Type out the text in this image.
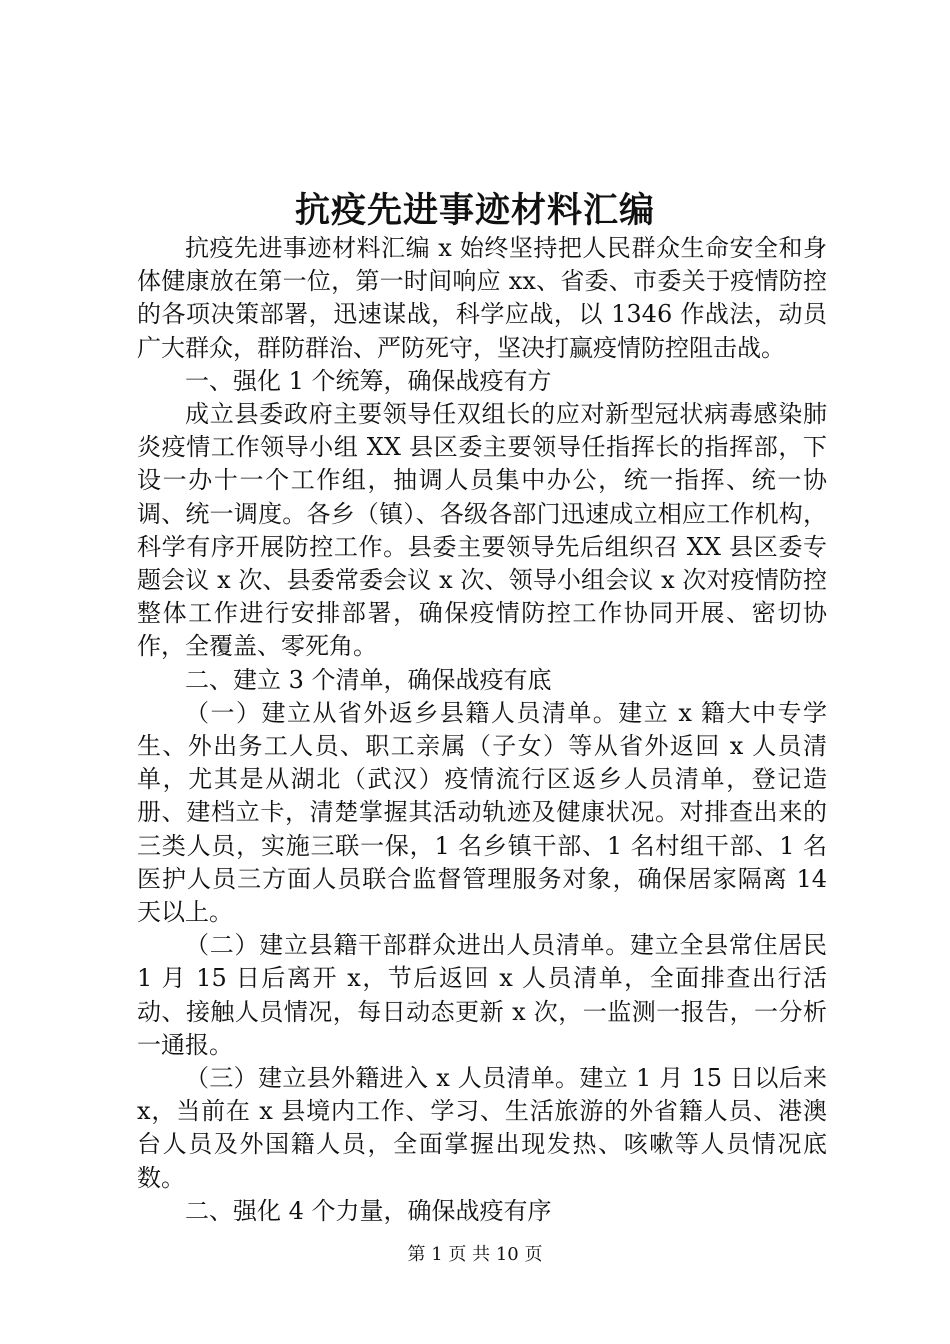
抗疫先进事迹材料汇编

抗疫先进事迹材料汇编 x 始终坚持把人民群众生命安全和身体健康放在第一位，第一时间响应 xx、省委、市委关于疫情防控的各项决策部署，迅速谋战，科学应战，以 1346 作战法，动员广大群众，群防群治、严防死守，坚决打赢疫情防控阻击战。

一、强化 1 个统筹，确保战疫有方

成立县委政府主要领导任双组长的应对新型冠状病毒感染肺炎疫情工作领导小组 XX 县区委主要领导任指挥长的指挥部，下设一办十一个工作组，抽调人员集中办公，统一指挥、统一协调、统一调度。各乡（镇）、各级各部门迅速成立相应工作机构，科学有序开展防控工作。县委主要领导先后组织召 XX 县区委专题会议 x 次、县委常委会议 x 次、领导小组会议 x 次对疫情防控整体工作进行安排部署，确保疫情防控工作协同开展、密切协作，全覆盖、零死角。

二、建立 3 个清单，确保战疫有底

（一）建立从省外返乡县籍人员清单。建立 x 籍大中专学生、外出务工人员、职工亲属（子女）等从省外返回 x 人员清单，尤其是从湖北（武汉）疫情流行区返乡人员清单，登记造册、建档立卡，清楚掌握其活动轨迹及健康状况。对排查出来的三类人员，实施三联一保，1 名乡镇干部、1 名村组干部、1 名医护人员三方面人员联合监督管理服务对象，确保居家隔离 14 天以上。

（二）建立县籍干部群众进出人员清单。建立全县常住居民 1 月 15 日后离开 x，节后返回 x 人员清单，全面排查出行活动、接触人员情况，每日动态更新 x 次，一监测一报告，一分析一通报。

（三）建立县外籍进入 x 人员清单。建立 1 月 15 日以后来 x，当前在 x 县境内工作、学习、生活旅游的外省籍人员、港澳台人员及外国籍人员，全面掌握出现发热、咳嗽等人员情况底数。

二、强化 4 个力量，确保战疫有序

第 1 页 共 10 页
